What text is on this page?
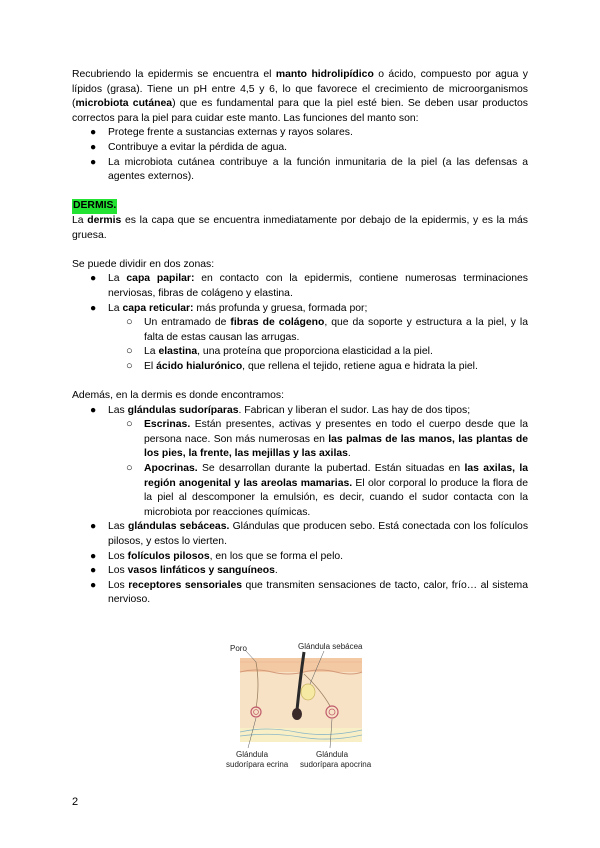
Recubriendo la epidermis se encuentra el manto hidrolipídico o ácido, compuesto por agua y lípidos (grasa). Tiene un pH entre 4,5 y 6, lo que favorece el crecimiento de microorganismos (microbiota cutánea) que es fundamental para que la piel esté bien. Se deben usar productos correctos para la piel para cuidar este manto. Las funciones del manto son:

● Protege frente a sustancias externas y rayos solares.
● Contribuye a evitar la pérdida de agua.
● La microbiota cutánea contribuye a la función inmunitaria de la piel (a las defensas a agentes externos).

DERMIS.

La dermis es la capa que se encuentra inmediatamente por debajo de la epidermis, y es la más gruesa.

Se puede dividir en dos zonas:

● La capa papilar: en contacto con la epidermis, contiene numerosas terminaciones nerviosas, fibras de colágeno y elastina.
● La capa reticular: más profunda y gruesa, formada por;
○ Un entramado de fibras de colágeno, que da soporte y estructura a la piel, y la falta de estas causan las arrugas.
○ La elastina, una proteína que proporciona elasticidad a la piel.
○ El ácido hialurónico, que rellena el tejido, retiene agua e hidrata la piel.

Además, en la dermis es donde encontramos:

● Las glándulas sudoríparas. Fabrican y liberan el sudor. Las hay de dos tipos;
○ Escrinas. Están presentes, activas y presentes en todo el cuerpo desde que la persona nace. Son más numerosas en las palmas de las manos, las plantas de los pies, la frente, las mejillas y las axilas.
○ Apocrinas. Se desarrollan durante la pubertad. Están situadas en las axilas, la región anogenital y las areolas mamarias. El olor corporal lo produce la flora de la piel al descomponer la emulsión, es decir, cuando el sudor contacta con la microbiota por reacciones químicas.
● Las glándulas sebáceas. Glándulas que producen sebo. Está conectada con los folículos pilosos, y estos lo vierten.
● Los folículos pilosos, en los que se forma el pelo.
● Los vasos linfáticos y sanguíneos.
● Los receptores sensoriales que transmiten sensaciones de tacto, calor, frío… al sistema nervioso.
Poro	Glándula sebácea
Glándula
sudorípara ecrina
Glándula
sudorípara apocrina
2
